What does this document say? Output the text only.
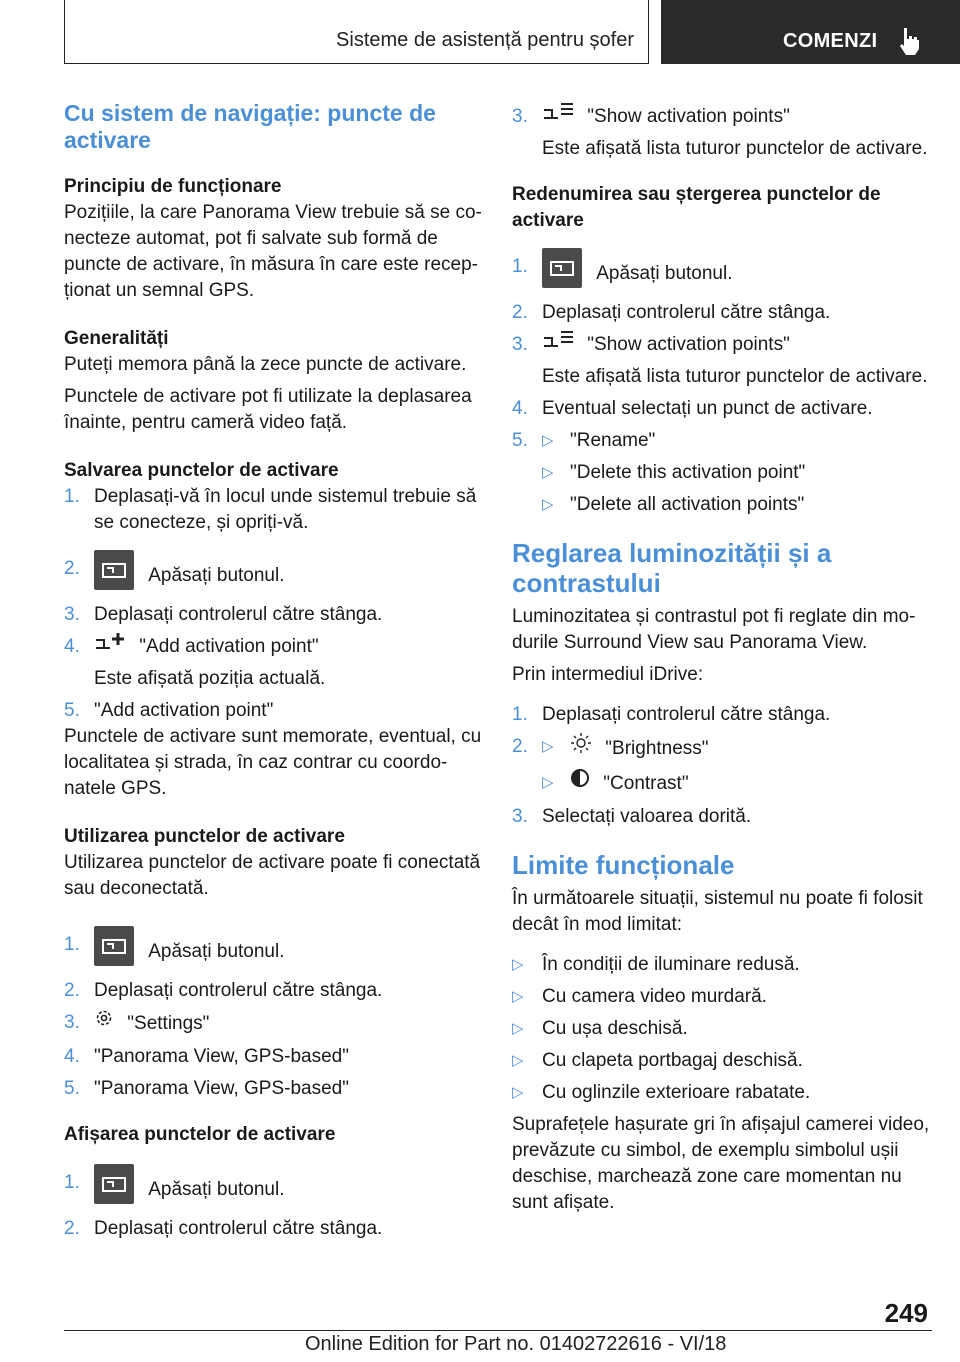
Sisteme de asistență pentru șofer	COMENZI
Cu sistem de navigație: puncte de activare

Principiu de funcționare

Pozițiile, la care Panorama View trebuie să se co-necteze automat, pot fi salvate sub formă de puncte de activare, în măsura în care este recep-ționat un semnal GPS.

Generalități

Puteți memora până la zece puncte de activare.

Punctele de activare pot fi utilizate la deplasarea înainte, pentru cameră video față.

Salvarea punctelor de activare

1. Deplasați-vă în locul unde sistemul trebuie să se conecteze, și opriți-vă.
2.	Apăsați butonul.
3. Deplasați controlerul către stânga.
4.	"Add activation point"
Este afișată poziția actuală.
5. "Add activation point"

Punctele de activare sunt memorate, eventual, cu localitatea și strada, în caz contrar cu coordo-natele GPS.

Utilizarea punctelor de activare

Utilizarea punctelor de activare poate fi conectată sau deconectată.

1.	Apăsați butonul.
2. Deplasați controlerul către stânga.
3. "Settings"
4. "Panorama View, GPS-based"
5. "Panorama View, GPS-based"

Afișarea punctelor de activare

1.	Apăsați butonul.
2. Deplasați controlerul către stânga.
3.	"Show activation points"
Este afișată lista tuturor punctelor de activare.

Redenumirea sau ștergerea punctelor de activare

1.	Apăsați butonul.
2. Deplasați controlerul către stânga.
3.	"Show activation points"
Este afișată lista tuturor punctelor de activare.
4. Eventual selectați un punct de activare.
5. ▷ "Rename"
▷ "Delete this activation point"
▷ "Delete all activation points"
Reglarea luminozității și a contrastului

Luminozitatea și contrastul pot fi reglate din mo-durile Surround View sau Panorama View.

Prin intermediul iDrive:

1. Deplasați controlerul către stânga.
2. ▷	"Brightness"
▷	"Contrast"
3. Selectați valoarea dorită.
Limite funcționale

În următoarele situații, sistemul nu poate fi folosit decât în mod limitat:

▷ În condiții de iluminare redusă.
▷ Cu camera video murdară.
▷ Cu ușa deschisă.
▷ Cu clapeta portbagaj deschisă.
▷ Cu oglinzile exterioare rabatate.

Suprafețele hașurate gri în afișajul camerei video, prevăzute cu simbol, de exemplu simbolul ușii deschise, marchează zone care momentan nu sunt afișate.

249
Online Edition for Part no. 01402722616 - VI/18
